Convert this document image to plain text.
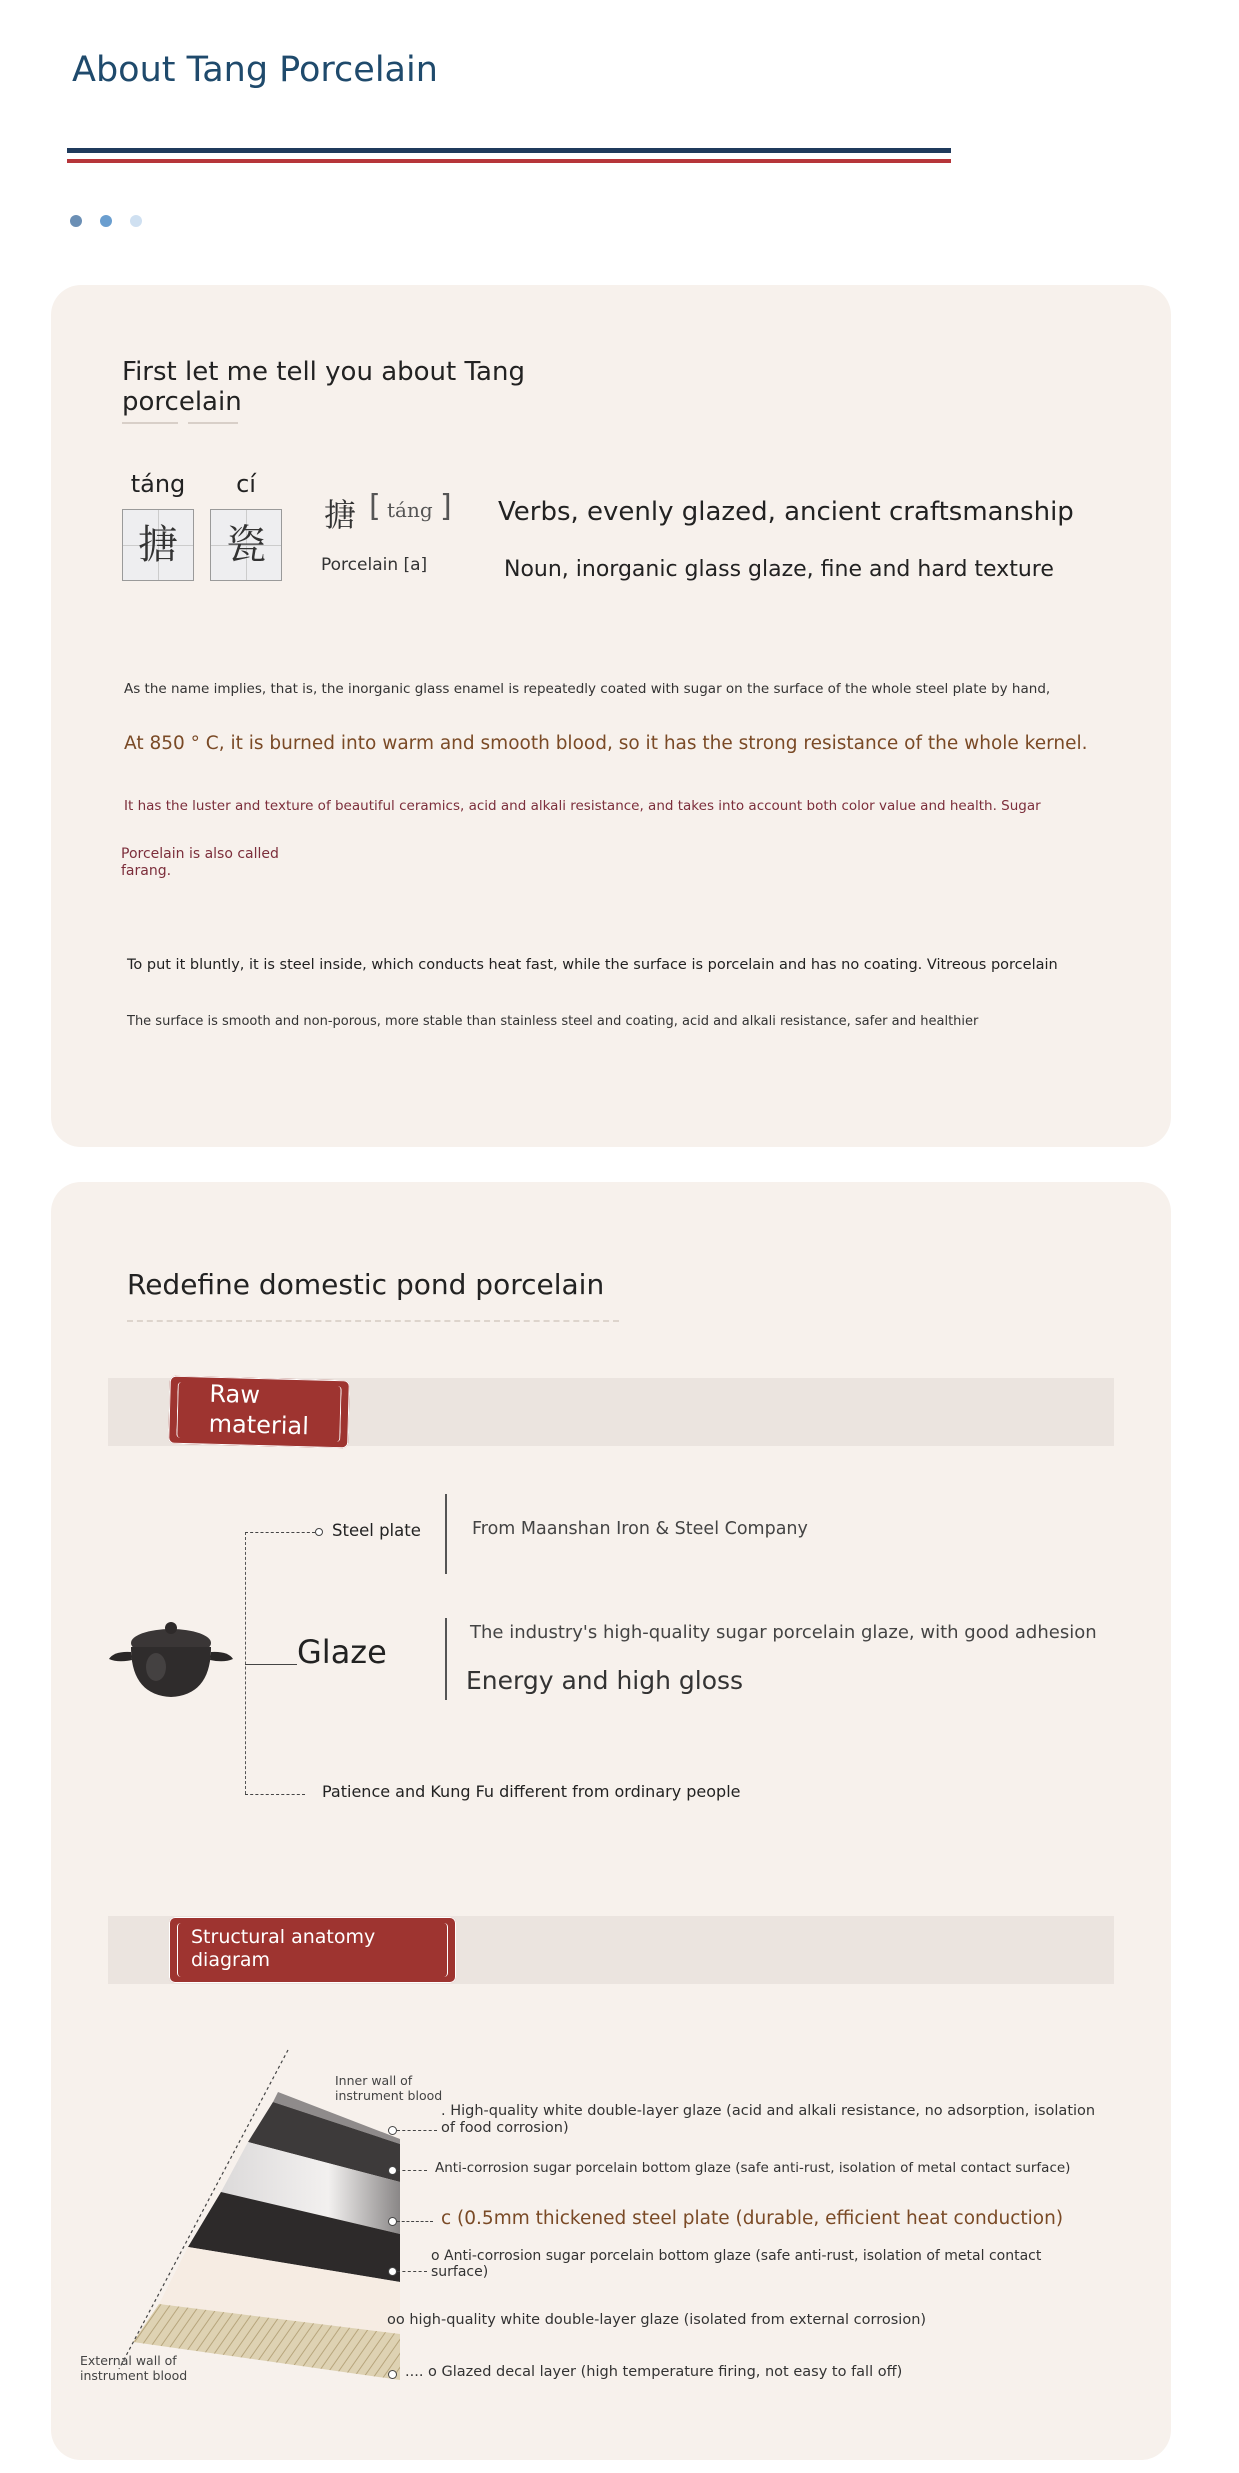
About Tang Porcelain
First let me tell you about Tang porcelain
táng	cí
搪	瓷
搪 [ táng ]
Porcelain [a]
Verbs, evenly glazed, ancient craftsmanship
Noun, inorganic glass glaze, fine and hard texture
As the name implies, that is, the inorganic glass enamel is repeatedly coated with sugar on the surface of the whole steel plate by hand,
At 850 ° C, it is burned into warm and smooth blood, so it has the strong resistance of the whole kernel.
It has the luster and texture of beautiful ceramics, acid and alkali resistance, and takes into account both color value and health. Sugar
Porcelain is also called farang.
To put it bluntly, it is steel inside, which conducts heat fast, while the surface is porcelain and has no coating. Vitreous porcelain
The surface is smooth and non-porous, more stable than stainless steel and coating, acid and alkali resistance, safer and healthier
Redefine domestic pond porcelain
Raw material
Steel plate	From Maanshan Iron & Steel Company
Glaze
The industry's high-quality sugar porcelain glaze, with good adhesion
Energy and high gloss
Patience and Kung Fu different from ordinary people
Structural anatomy diagram
Inner wall of instrument blood
External wall of instrument blood
. High-quality white double-layer glaze (acid and alkali resistance, no adsorption, isolation of food corrosion)
Anti-corrosion sugar porcelain bottom glaze (safe anti-rust, isolation of metal contact surface)
c (0.5mm thickened steel plate (durable, efficient heat conduction)
o Anti-corrosion sugar porcelain bottom glaze (safe anti-rust, isolation of metal contact surface)
oo high-quality white double-layer glaze (isolated from external corrosion)
.... o Glazed decal layer (high temperature firing, not easy to fall off)
